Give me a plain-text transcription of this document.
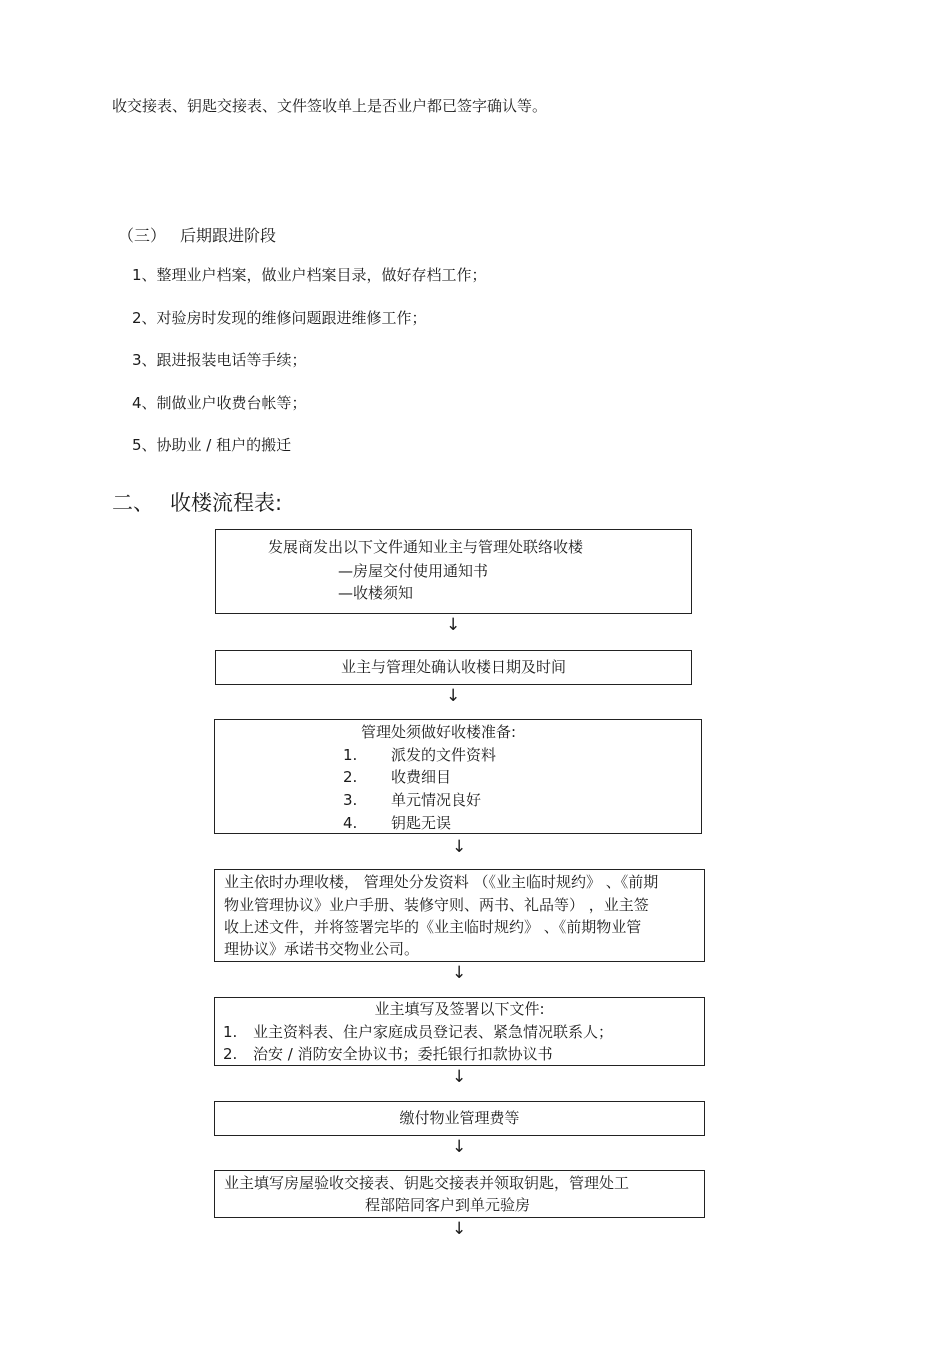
收交接表、钥匙交接表、文件签收单上是否业户都已签字确认等。
（三） 后期跟进阶段
1、整理业户档案，做业户档案目录，做好存档工作；
2、对验房时发现的维修问题跟进维修工作；
3、跟进报装电话等手续；
4、制做业户收费台帐等；
5、协助业 / 租户的搬迁
二、 收楼流程表:
发展商发出以下文件通知业主与管理处联络收楼
—房屋交付使用通知书
—收楼须知
↓
业主与管理处确认收楼日期及时间
↓
管理处须做好收楼准备:
1. 派发的文件资料
2. 收费细目
3. 单元情况良好
4. 钥匙无误
↓
业主依时办理收楼， 管理处分发资料 （《业主临时规约》 、《前期
物业管理协议》业户手册、装修守则、两书、礼品等） ，业主签
收上述文件，并将签署完毕的《业主临时规约》 、《前期物业管
理协议》承诺书交物业公司。
↓
业主填写及签署以下文件:
1. 业主资料表、住户家庭成员登记表、紧急情况联系人；
2. 治安 / 消防安全协议书；委托银行扣款协议书
↓
缴付物业管理费等
↓
业主填写房屋验收交接表、钥匙交接表并领取钥匙，管理处工
程部陪同客户到单元验房
↓
